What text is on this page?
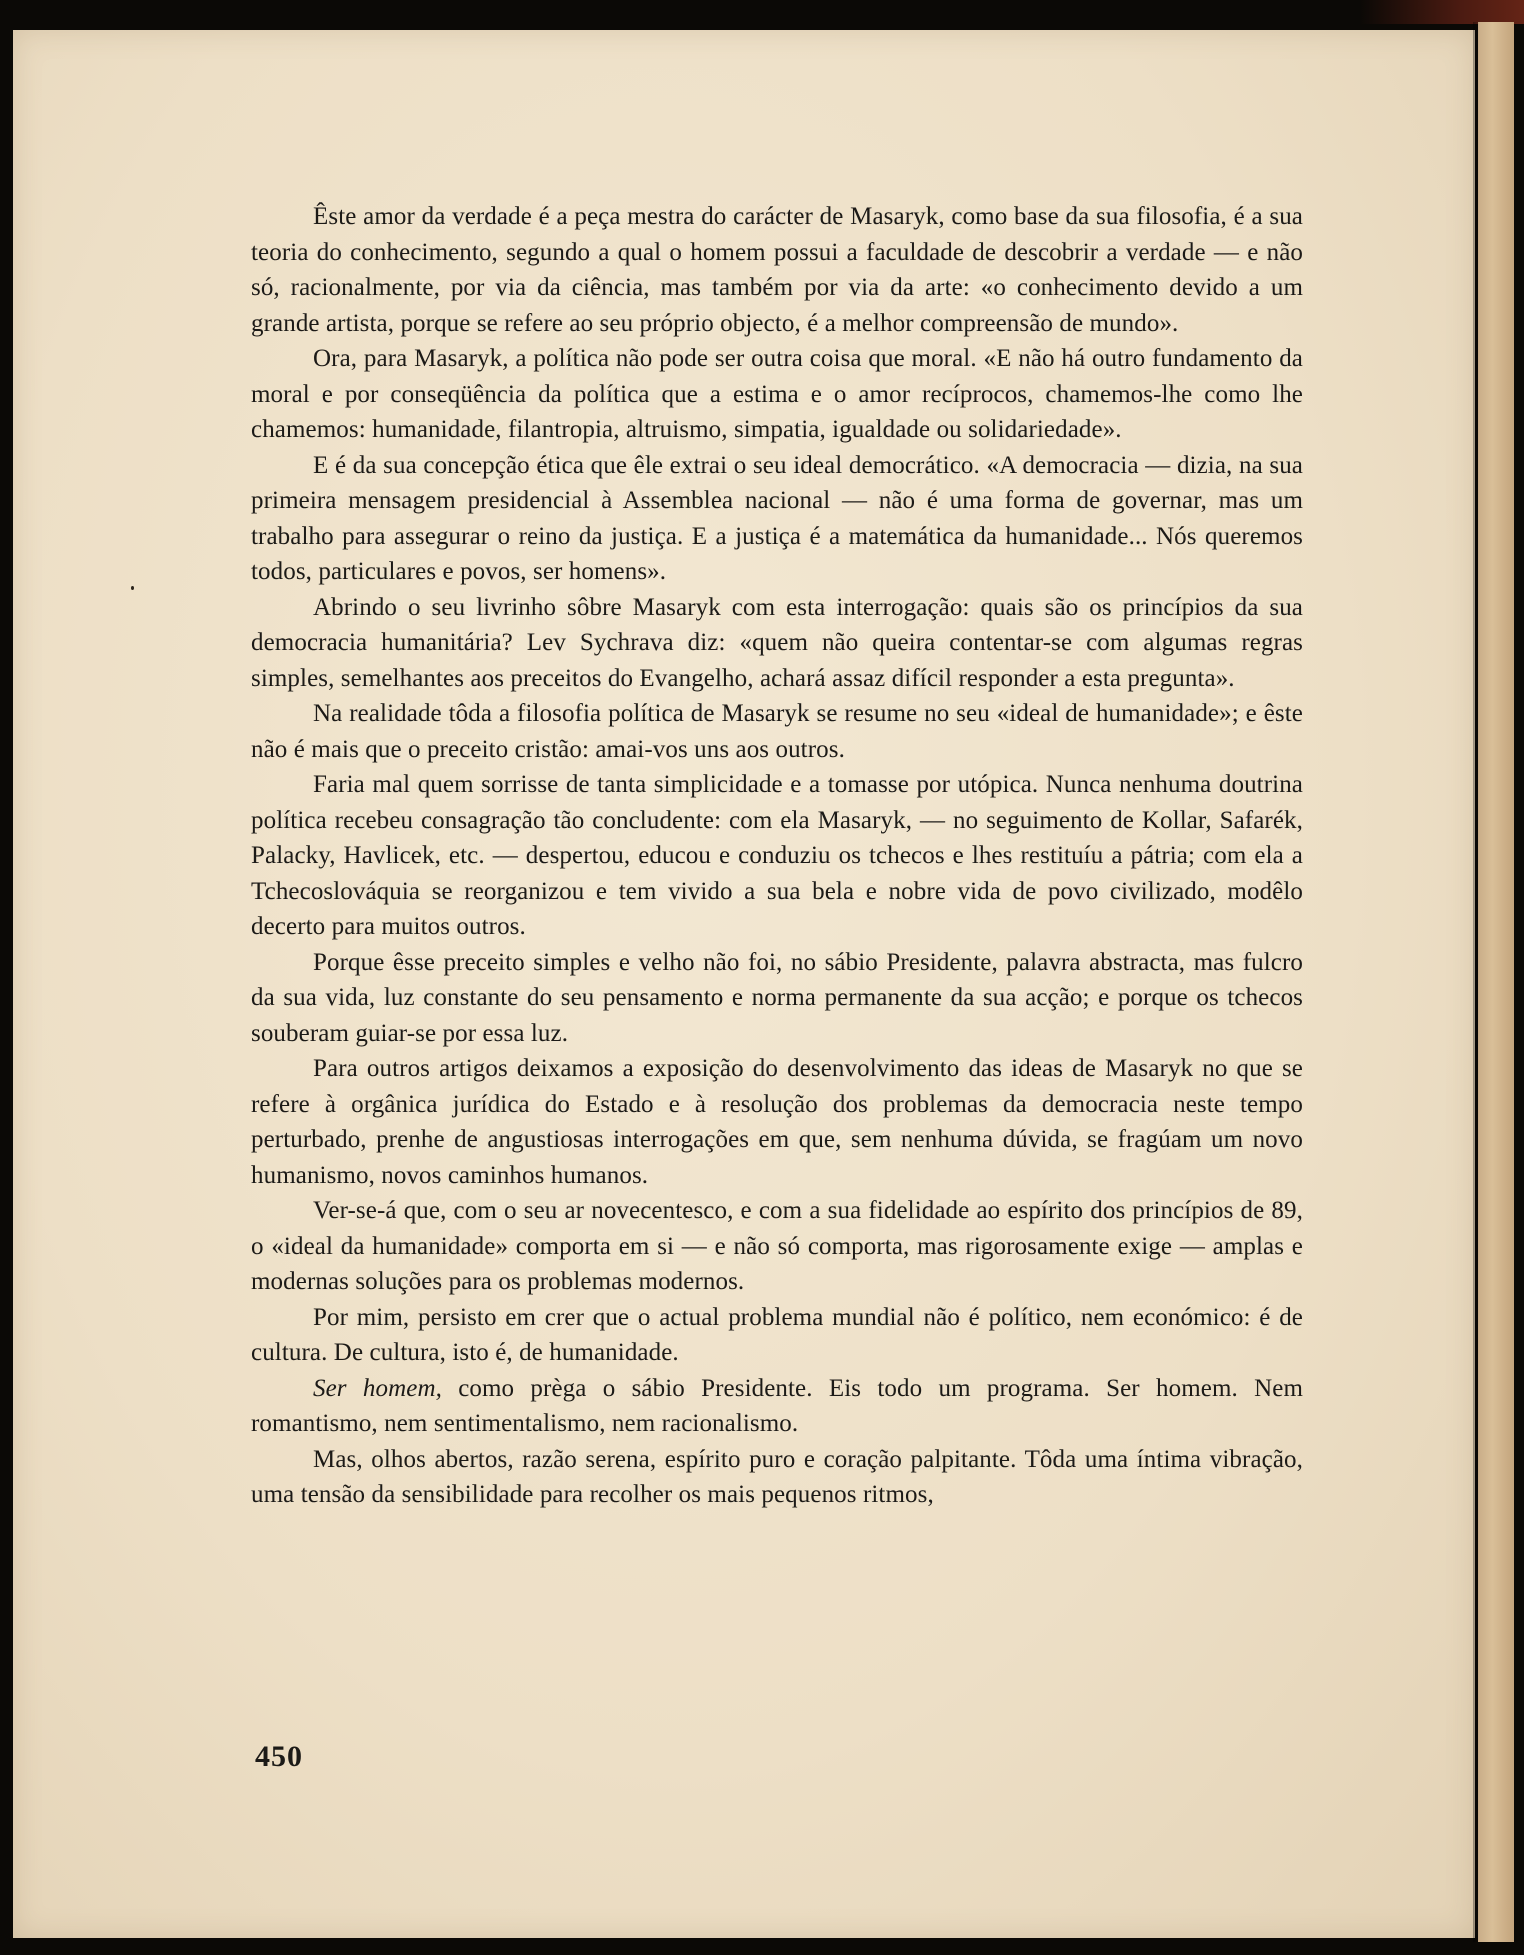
Êste amor da verdade é a peça mestra do carácter de Masaryk, como base da sua filosofia, é a sua teoria do conhecimento, segundo a qual o homem possui a faculdade de descobrir a verdade — e não só, racionalmente, por via da ciência, mas também por via da arte: «o conhecimento devido a um grande artista, porque se refere ao seu próprio objecto, é a melhor compreensão de mundo».

Ora, para Masaryk, a política não pode ser outra coisa que moral. «E não há outro fundamento da moral e por conseqüência da política que a estima e o amor recíprocos, chamemos-lhe como lhe chamemos: humanidade, filantropia, altruismo, simpatia, igualdade ou solidariedade».

E é da sua concepção ética que êle extrai o seu ideal democrático. «A democracia — dizia, na sua primeira mensagem presidencial à Assemblea nacional — não é uma forma de governar, mas um trabalho para assegurar o reino da justiça. E a justiça é a matemática da humanidade... Nós queremos todos, particulares e povos, ser homens».

Abrindo o seu livrinho sôbre Masaryk com esta interrogação: quais são os princípios da sua democracia humanitária? Lev Sychrava diz: «quem não queira contentar-se com algumas regras simples, semelhantes aos preceitos do Evangelho, achará assaz difícil responder a esta pregunta».

Na realidade tôda a filosofia política de Masaryk se resume no seu «ideal de humanidade»; e êste não é mais que o preceito cristão: amai-vos uns aos outros.

Faria mal quem sorrisse de tanta simplicidade e a tomasse por utópica. Nunca nenhuma doutrina política recebeu consagração tão concludente: com ela Masaryk, — no seguimento de Kollar, Safarék, Palacky, Havlicek, etc. — despertou, educou e conduziu os tchecos e lhes restituíu a pátria; com ela a Tchecoslováquia se reorganizou e tem vivido a sua bela e nobre vida de povo civilizado, modêlo decerto para muitos outros.

Porque êsse preceito simples e velho não foi, no sábio Presidente, palavra abstracta, mas fulcro da sua vida, luz constante do seu pensamento e norma permanente da sua acção; e porque os tchecos souberam guiar-se por essa luz.

Para outros artigos deixamos a exposição do desenvolvimento das ideas de Masaryk no que se refere à orgânica jurídica do Estado e à resolução dos problemas da democracia neste tempo perturbado, prenhe de angustiosas interrogações em que, sem nenhuma dúvida, se fragúam um novo humanismo, novos caminhos humanos.

Ver-se-á que, com o seu ar novecentesco, e com a sua fidelidade ao espírito dos princípios de 89, o «ideal da humanidade» comporta em si — e não só comporta, mas rigorosamente exige — amplas e modernas soluções para os problemas modernos.

Por mim, persisto em crer que o actual problema mundial não é político, nem económico: é de cultura. De cultura, isto é, de humanidade.

Ser homem, como prèga o sábio Presidente. Eis todo um programa. Ser homem. Nem romantismo, nem sentimentalismo, nem racionalismo.

Mas, olhos abertos, razão serena, espírito puro e coração palpitante. Tôda uma íntima vibração, uma tensão da sensibilidade para recolher os mais pequenos ritmos,

450
